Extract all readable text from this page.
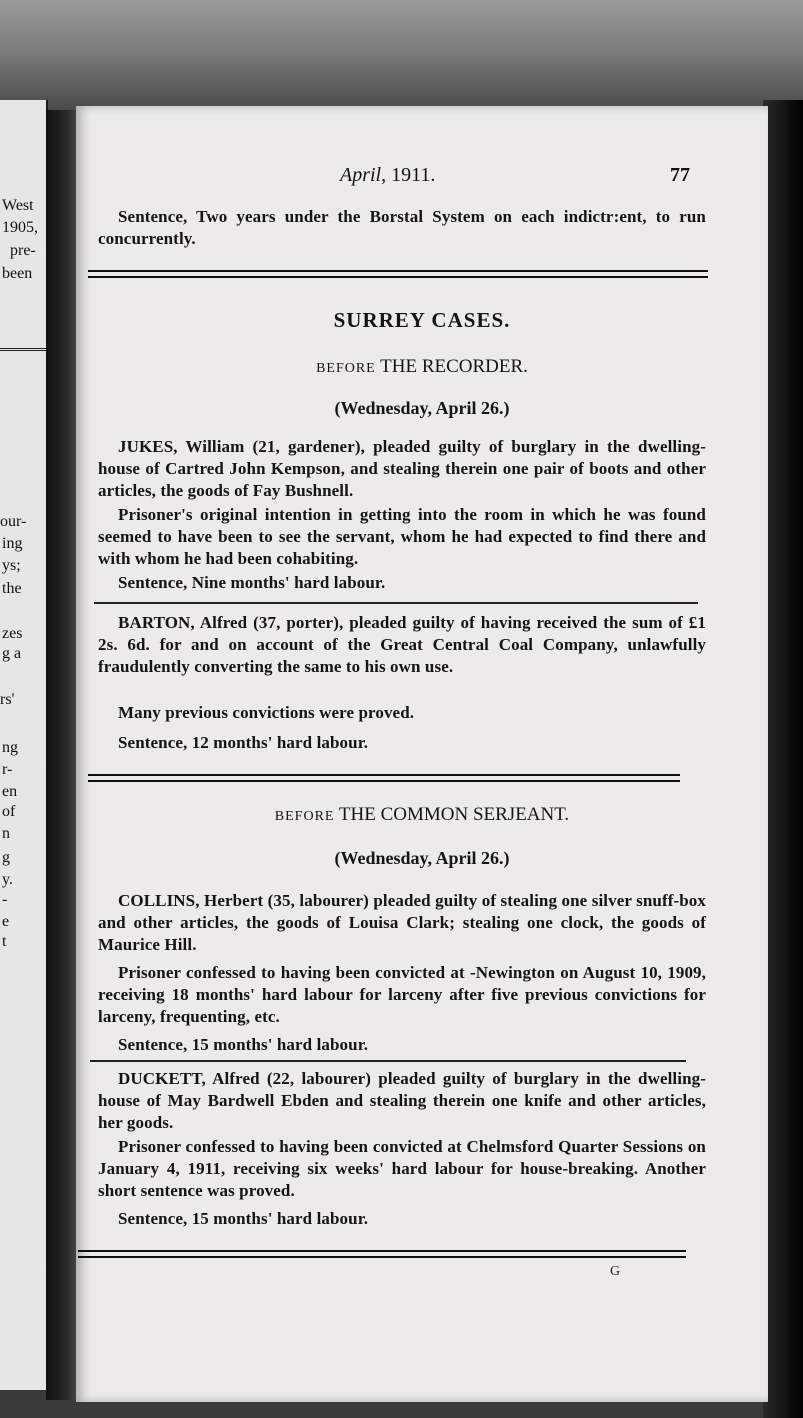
West
1905,
pre-
been
our-
ing
ys;
the
zes
g a
rs'
ng
r-
en
of
n
g
y.
-
e
t
April, 1911.	77
Sentence, Two years under the Borstal System on each indictr:ent, to run concurrently.
SURREY CASES.
BEFORE THE RECORDER.
(Wednesday, April 26.)
JUKES, William (21, gardener), pleaded guilty of burglary in the dwelling-house of Cartred John Kempson, and stealing therein one pair of boots and other articles, the goods of Fay Bushnell.
Prisoner's original intention in getting into the room in which he was found seemed to have been to see the servant, whom he had expected to find there and with whom he had been cohabiting.
Sentence, Nine months' hard labour.
BARTON, Alfred (37, porter), pleaded guilty of having received the sum of £1 2s. 6d. for and on account of the Great Central Coal Company, unlawfully fraudulently converting the same to his own use.
Many previous convictions were proved.
Sentence, 12 months' hard labour.
BEFORE THE COMMON SERJEANT.
(Wednesday, April 26.)
COLLINS, Herbert (35, labourer) pleaded guilty of stealing one silver snuff-box and other articles, the goods of Louisa Clark; stealing one clock, the goods of Maurice Hill.
Prisoner confessed to having been convicted at -Newington on August 10, 1909, receiving 18 months' hard labour for larceny after five previous convictions for larceny, frequenting, etc.
Sentence, 15 months' hard labour.
DUCKETT, Alfred (22, labourer) pleaded guilty of burglary in the dwelling-house of May Bardwell Ebden and stealing therein one knife and other articles, her goods.
Prisoner confessed to having been convicted at Chelmsford Quarter Sessions on January 4, 1911, receiving six weeks' hard labour for house-breaking. Another short sentence was proved.
Sentence, 15 months' hard labour.
G
